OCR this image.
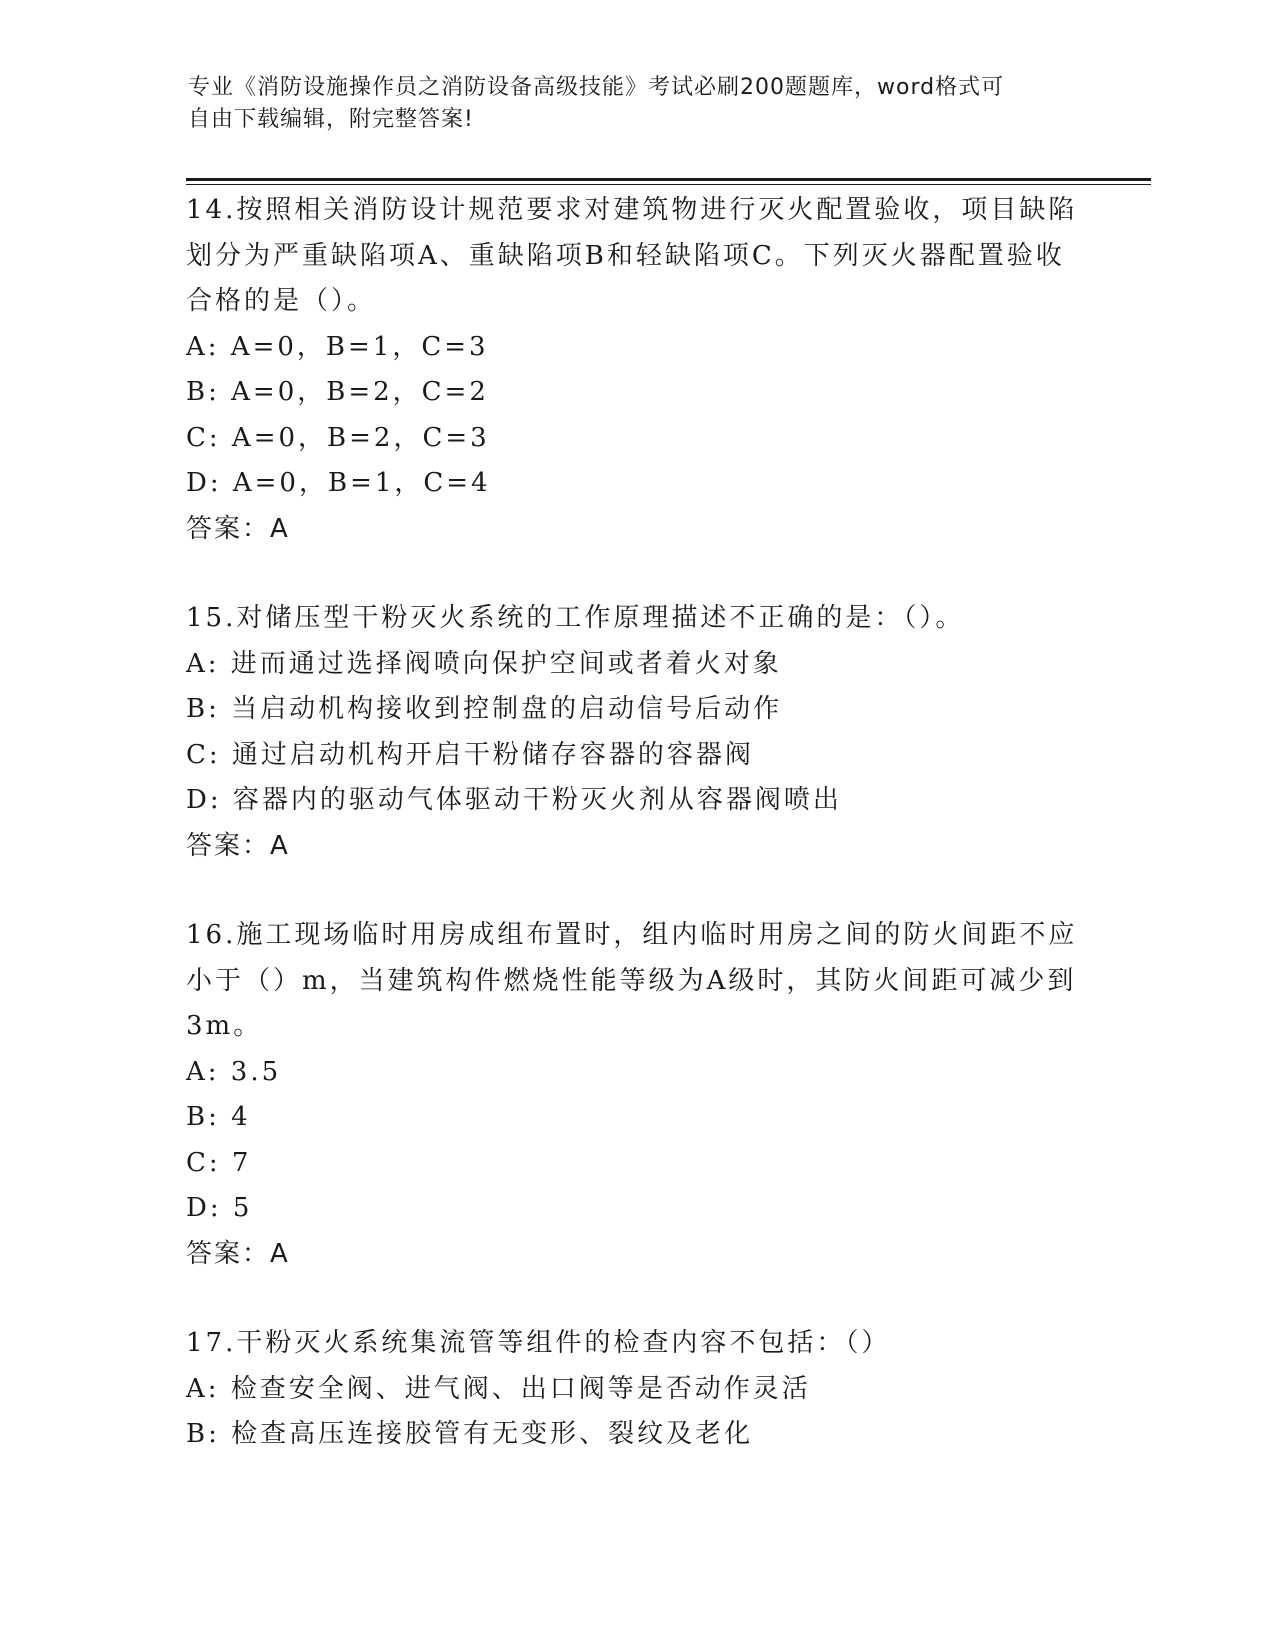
专业《消防设施操作员之消防设备高级技能》考试必刷200题题库，word格式可
自由下载编辑，附完整答案!
14.按照相关消防设计规范要求对建筑物进行灭火配置验收，项目缺陷
划分为严重缺陷项A、重缺陷项B和轻缺陷项C。下列灭火器配置验收
合格的是（）。
A: A=0，B=1，C=3
B: A=0，B=2，C=2
C: A=0，B=2，C=3
D: A=0，B=1，C=4
答案：A
15.对储压型干粉灭火系统的工作原理描述不正确的是：（）。
A: 进而通过选择阀喷向保护空间或者着火对象
B: 当启动机构接收到控制盘的启动信号后动作
C: 通过启动机构开启干粉储存容器的容器阀
D: 容器内的驱动气体驱动干粉灭火剂从容器阀喷出
答案：A
16.施工现场临时用房成组布置时，组内临时用房之间的防火间距不应
小于（）m，当建筑构件燃烧性能等级为A级时，其防火间距可减少到
3m。
A: 3.5
B: 4
C: 7
D: 5
答案：A
17.干粉灭火系统集流管等组件的检查内容不包括：（）
A: 检查安全阀、进气阀、出口阀等是否动作灵活
B: 检查高压连接胶管有无变形、裂纹及老化
